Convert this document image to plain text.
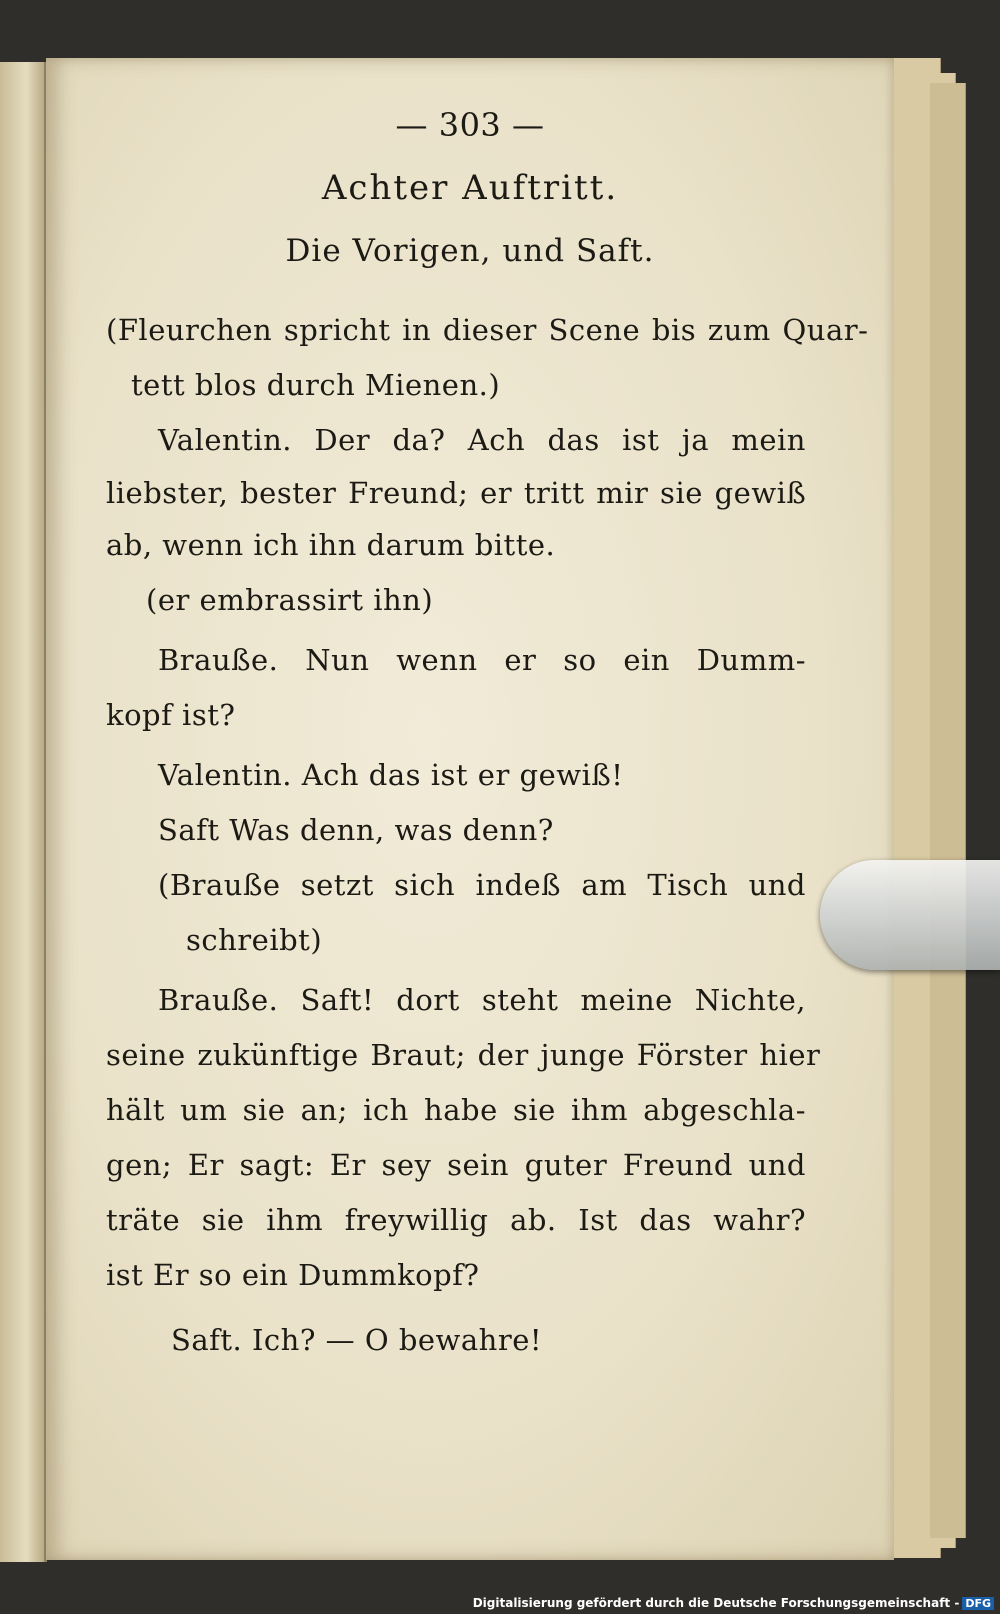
— 303 —
Achter Auftritt.
Die Vorigen, und Saft.
(Fleurchen spricht in dieser Scene bis zum Quar-
tett blos durch Mienen.)
Valentin. Der da? Ach das ist ja mein
liebster, bester Freund; er tritt mir sie gewiß
ab, wenn ich ihn darum bitte.
(er embrassirt ihn)
Brauße. Nun wenn er so ein Dumm-
kopf ist?
Valentin. Ach das ist er gewiß!
Saft Was denn, was denn?
(Brauße setzt sich indeß am Tisch und
schreibt)
Brauße. Saft! dort steht meine Nichte,
seine zukünftige Braut; der junge Förster hier
hält um sie an; ich habe sie ihm abgeschla-
gen; Er sagt: Er sey sein guter Freund und
träte sie ihm freywillig ab. Ist das wahr?
ist Er so ein Dummkopf?
Saft. Ich? — O bewahre!
Digitalisierung gefördert durch die Deutsche Forschungsgemeinschaft - DFG
